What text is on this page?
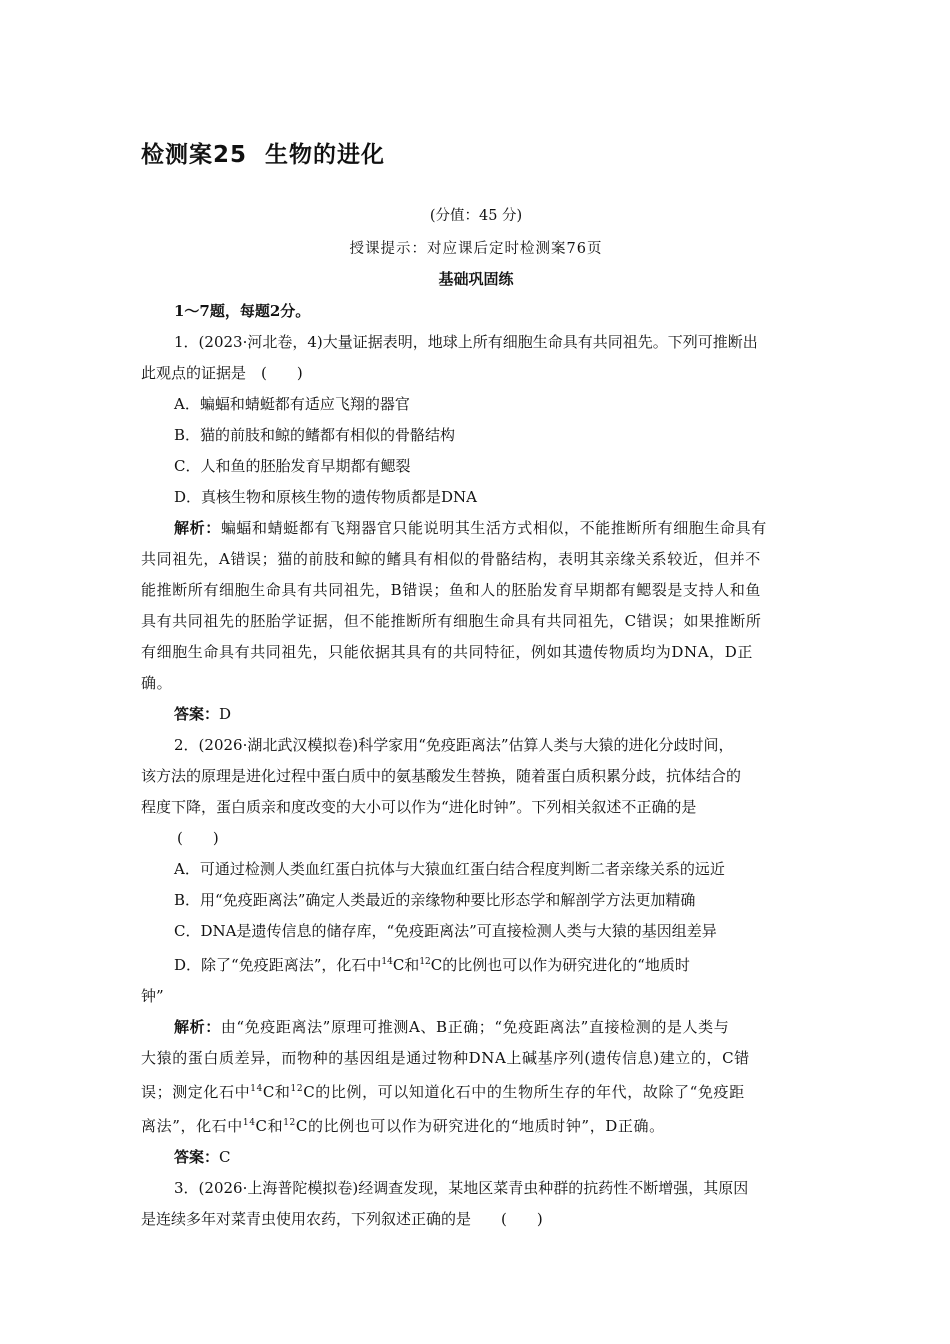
检测案25 生物的进化
(分值：45 分)
授课提示：对应课后定时检测案76页
基础巩固练

1～7题，每题2分。

1．(2023·河北卷，4)大量证据表明，地球上所有细胞生命具有共同祖先。下列可推断出

此观点的证据是　(　　)

A．蝙蝠和蜻蜓都有适应飞翔的器官

B．猫的前肢和鲸的鳍都有相似的骨骼结构

C．人和鱼的胚胎发育早期都有鳃裂

D．真核生物和原核生物的遗传物质都是DNA

解析：蝙蝠和蜻蜓都有飞翔器官只能说明其生活方式相似，不能推断所有细胞生命具有

共同祖先，A错误；猫的前肢和鲸的鳍具有相似的骨骼结构，表明其亲缘关系较近，但并不

能推断所有细胞生命具有共同祖先，B错误；鱼和人的胚胎发育早期都有鳃裂是支持人和鱼

具有共同祖先的胚胎学证据，但不能推断所有细胞生命具有共同祖先，C错误；如果推断所

有细胞生命具有共同祖先，只能依据其具有的共同特征，例如其遗传物质均为DNA，D正

确。

答案：D

2．(2026·湖北武汉模拟卷)科学家用“免疫距离法”估算人类与大猿的进化分歧时间，

该方法的原理是进化过程中蛋白质中的氨基酸发生替换，随着蛋白质积累分歧，抗体结合的

程度下降，蛋白质亲和度改变的大小可以作为“进化时钟”。下列相关叙述不正确的是

(　　)

A．可通过检测人类血红蛋白抗体与大猿血红蛋白结合程度判断二者亲缘关系的远近

B．用“免疫距离法”确定人类最近的亲缘物种要比形态学和解剖学方法更加精确

C．DNA是遗传信息的储存库，“免疫距离法”可直接检测人类与大猿的基因组差异

D．除了“免疫距离法”，化石中$^{14}$C和$^{12}$C的比例也可以作为研究进化的“地质时

钟”

解析：由“免疫距离法”原理可推测A、B正确；“免疫距离法”直接检测的是人类与

大猿的蛋白质差异，而物种的基因组是通过物种DNA上碱基序列(遗传信息)建立的，C错

误；测定化石中$^{14}$C和$^{12}$C的比例，可以知道化石中的生物所生存的年代，故除了“免疫距

离法”，化石中$^{14}$C和$^{12}$C的比例也可以作为研究进化的“地质时钟”，D正确。

答案：C

3．(2026·上海普陀模拟卷)经调查发现，某地区菜青虫种群的抗药性不断增强，其原因

是连续多年对菜青虫使用农药，下列叙述正确的是　　(　　)
